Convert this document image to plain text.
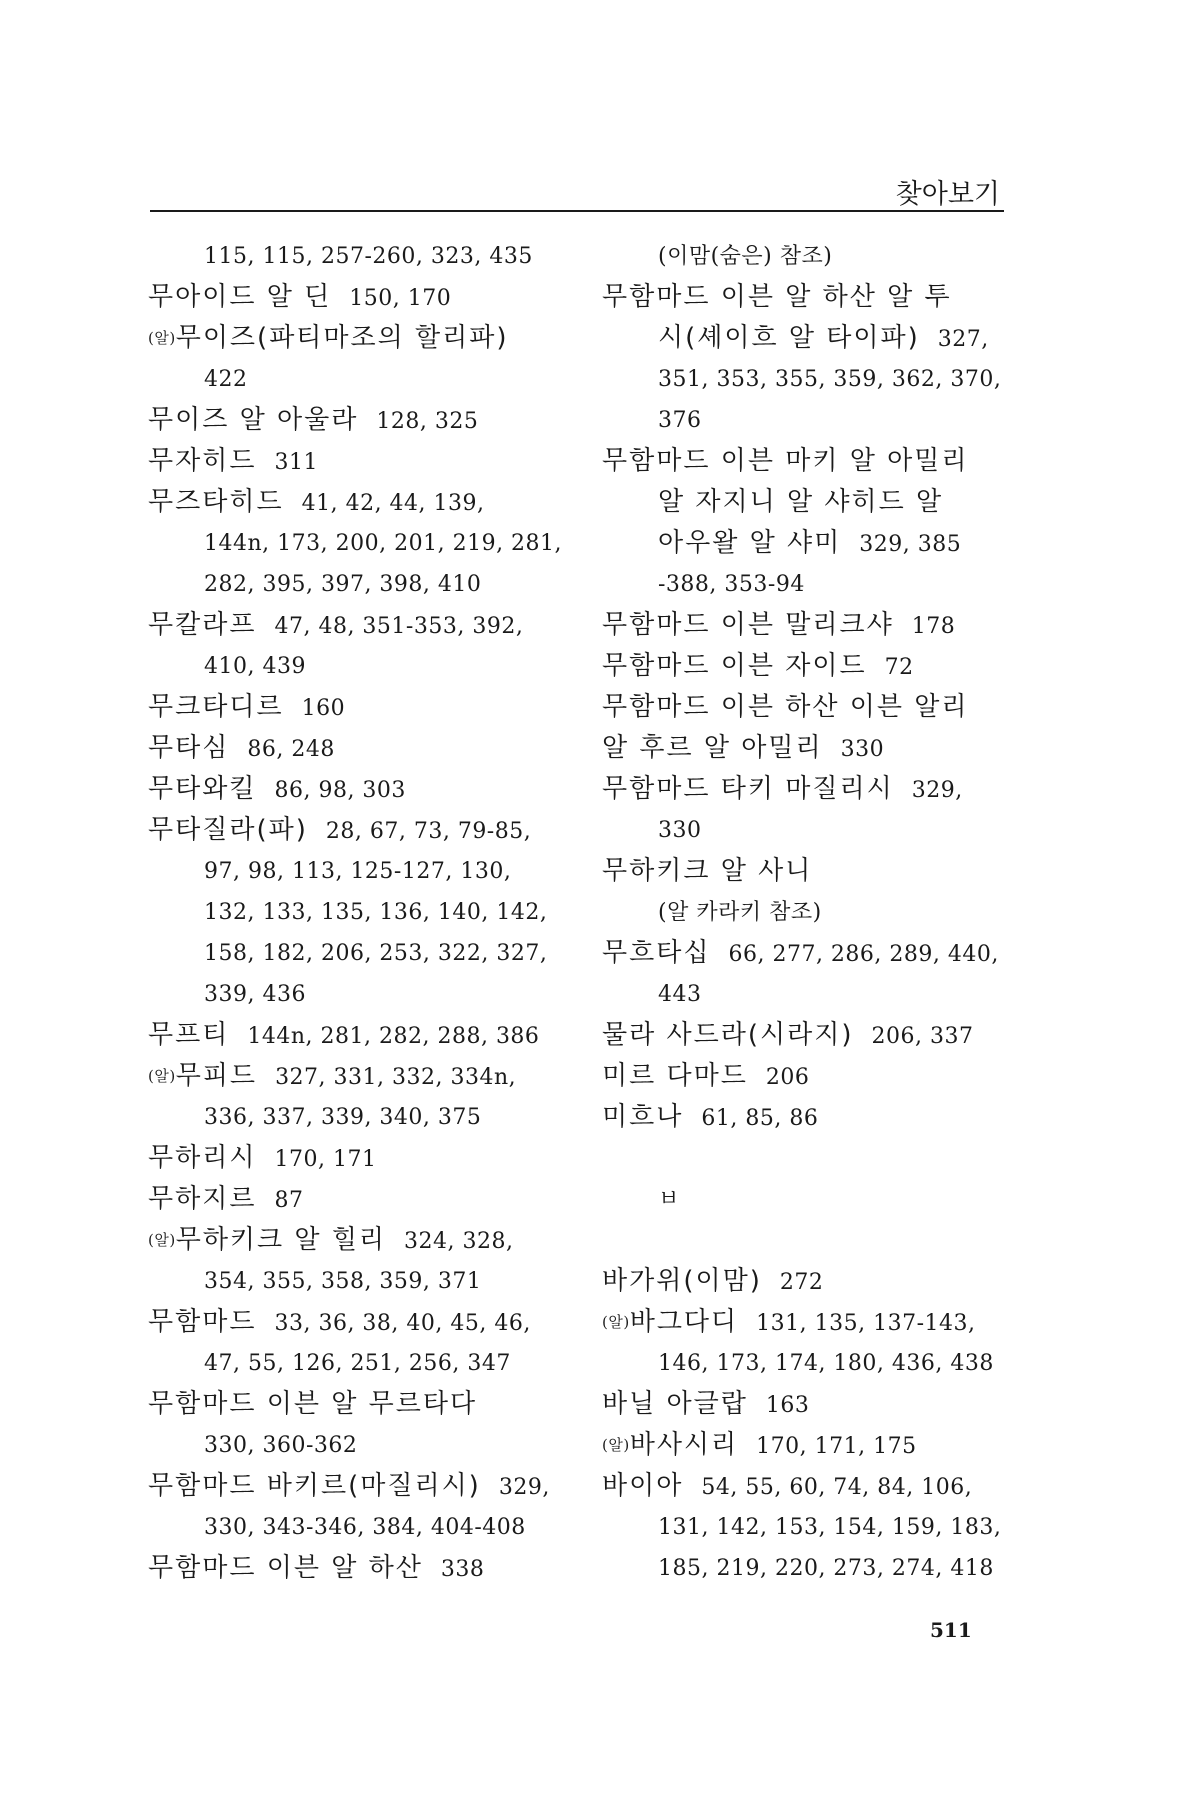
찾아보기
115, 115, 257-260, 323, 435
무아이드 알 딘 150, 170
(알)무이즈(파티마조의 할리파)
422
무이즈 알 아울라 128, 325
무자히드 311
무즈타히드 41, 42, 44, 139,
144n, 173, 200, 201, 219, 281,
282, 395, 397, 398, 410
무칼라프 47, 48, 351-353, 392,
410, 439
무크타디르 160
무타심 86, 248
무타와킬 86, 98, 303
무타질라(파) 28, 67, 73, 79-85,
97, 98, 113, 125-127, 130,
132, 133, 135, 136, 140, 142,
158, 182, 206, 253, 322, 327,
339, 436
무프티 144n, 281, 282, 288, 386
(알)무피드 327, 331, 332, 334n,
336, 337, 339, 340, 375
무하리시 170, 171
무하지르 87
(알)무하키크 알 힐리 324, 328,
354, 355, 358, 359, 371
무함마드 33, 36, 38, 40, 45, 46,
47, 55, 126, 251, 256, 347
무함마드 이븐 알 무르타다
330, 360-362
무함마드 바키르(마질리시) 329,
330, 343-346, 384, 404-408
무함마드 이븐 알 하산 338
(이맘(숨은) 참조)
무함마드 이븐 알 하산 알 투
시(셰이흐 알 타이파) 327,
351, 353, 355, 359, 362, 370,
376
무함마드 이븐 마키 알 아밀리
알 자지니 알 샤히드 알
아우왈 알 샤미 329, 385
-388, 353-94
무함마드 이븐 말리크샤 178
무함마드 이븐 자이드 72
무함마드 이븐 하산 이븐 알리
알 후르 알 아밀리 330
무함마드 타키 마질리시 329,
330
무하키크 알 사니
(알 카라키 참조)
무흐타십 66, 277, 286, 289, 440,
443
물라 사드라(시라지) 206, 337
미르 다마드 206
미흐나 61, 85, 86
ㅂ
바가위(이맘) 272
(알)바그다디 131, 135, 137-143,
146, 173, 174, 180, 436, 438
바닐 아글랍 163
(알)바사시리 170, 171, 175
바이아 54, 55, 60, 74, 84, 106,
131, 142, 153, 154, 159, 183,
185, 219, 220, 273, 274, 418
511
